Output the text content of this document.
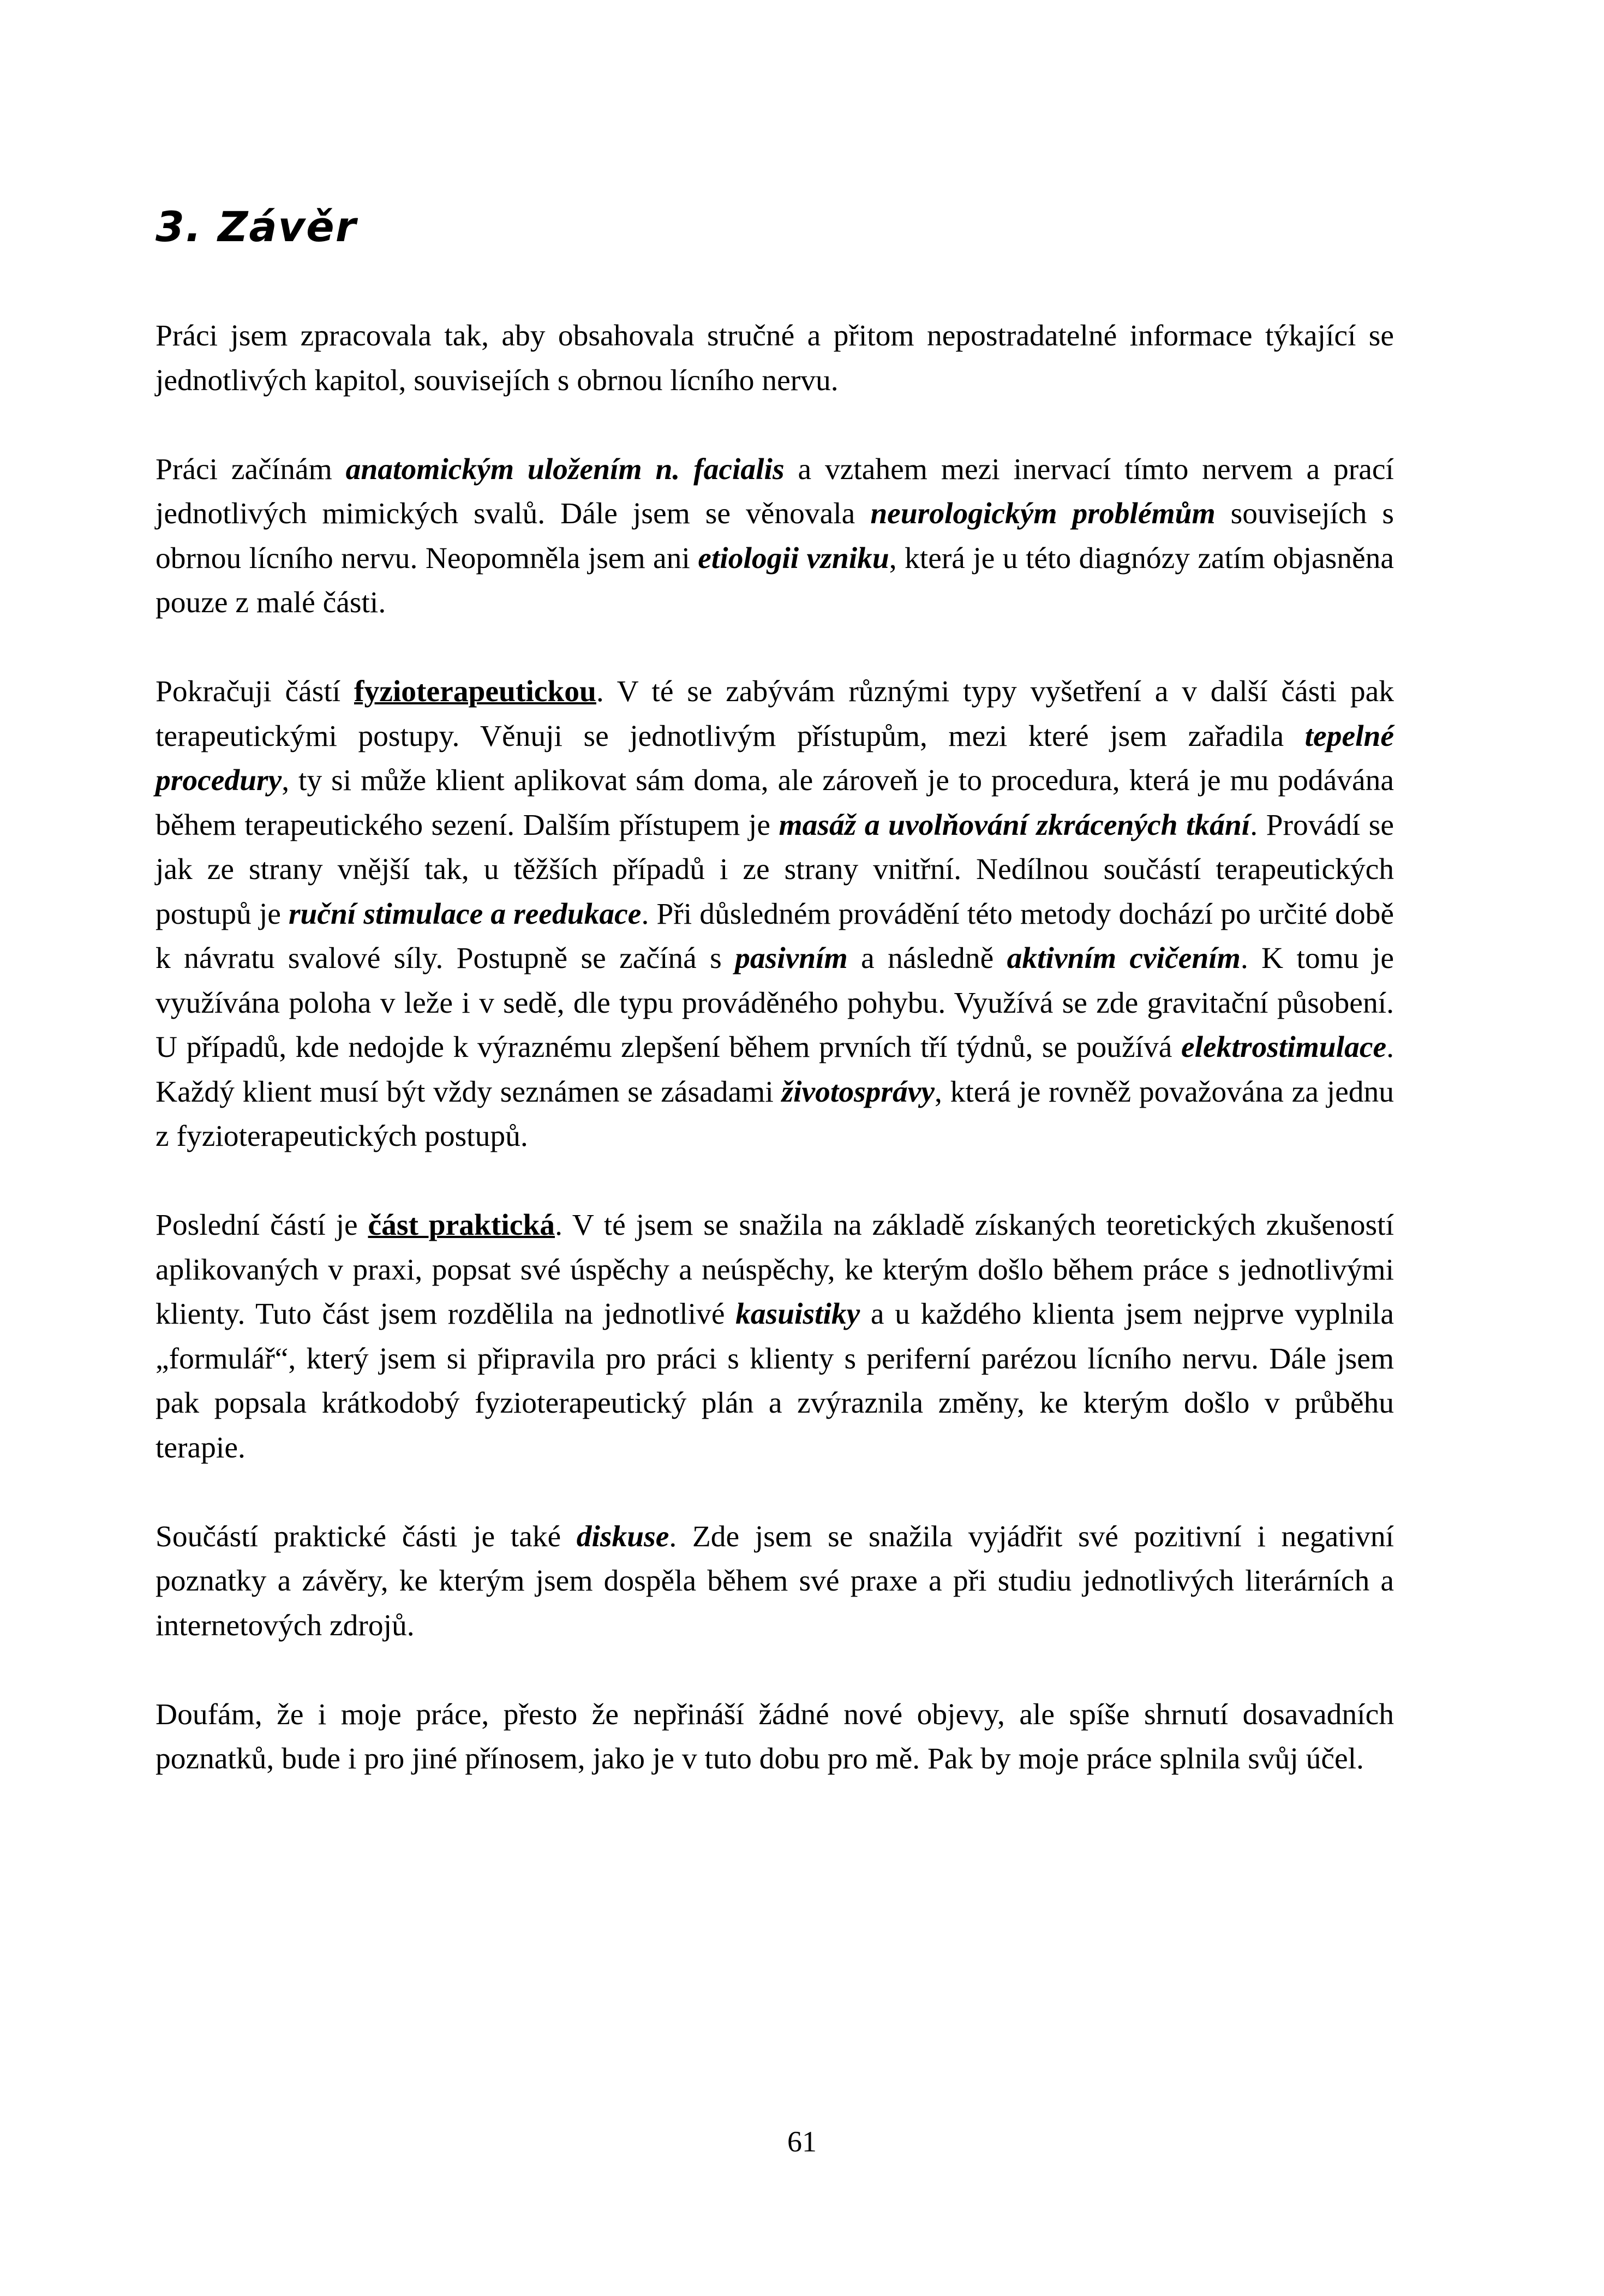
3. Závěr

Práci jsem zpracovala tak, aby obsahovala stručné a přitom nepostradatelné informace týkající se jednotlivých kapitol, souvisejích s obrnou lícního nervu.

Práci začínám anatomickým uložením n. facialis a vztahem mezi inervací tímto nervem a prací jednotlivých mimických svalů. Dále jsem se věnovala neurologickým problémům souvisejích s obrnou lícního nervu. Neopomněla jsem ani etiologii vzniku, která je u této diagnózy zatím objasněna pouze z malé části.

Pokračuji částí fyzioterapeutickou. V té se zabývám různými typy vyšetření a v další části pak terapeutickými postupy. Věnuji se jednotlivým přístupům, mezi které jsem zařadila tepelné procedury, ty si může klient aplikovat sám doma, ale zároveň je to procedura, která je mu podávána během terapeutického sezení. Dalším přístupem je masáž a uvolňování zkrácených tkání. Provádí se jak ze strany vnější tak, u těžších případů i ze strany vnitřní. Nedílnou součástí terapeutických postupů je ruční stimulace a reedukace. Při důsledném provádění této metody dochází po určité době k návratu svalové síly. Postupně se začíná s pasivním a následně aktivním cvičením. K tomu je využívána poloha v leže i v sedě, dle typu prováděného pohybu. Využívá se zde gravitační působení. U případů, kde nedojde k výraznému zlepšení během prvních tří týdnů, se používá elektrostimulace. Každý klient musí být vždy seznámen se zásadami životosprávy, která je rovněž považována za jednu z fyzioterapeutických postupů.

Poslední částí je část praktická. V té jsem se snažila na základě získaných teoretických zkušeností aplikovaných v praxi, popsat své úspěchy a neúspěchy, ke kterým došlo během práce s jednotlivými klienty. Tuto část jsem rozdělila na jednotlivé kasuistiky a u každého klienta jsem nejprve vyplnila „formulář“, který jsem si připravila pro práci s klienty s periferní parézou lícního nervu. Dále jsem pak popsala krátkodobý fyzioterapeutický plán a zvýraznila změny, ke kterým došlo v průběhu terapie.

Součástí praktické části je také diskuse. Zde jsem se snažila vyjádřit své pozitivní i negativní poznatky a závěry, ke kterým jsem dospěla během své praxe a při studiu jednotlivých literárních a internetových zdrojů.

Doufám, že i moje práce, přesto že nepřináší žádné nové objevy, ale spíše shrnutí dosavadních poznatků, bude i pro jiné přínosem, jako je v tuto dobu pro mě. Pak by moje práce splnila svůj účel.

61
